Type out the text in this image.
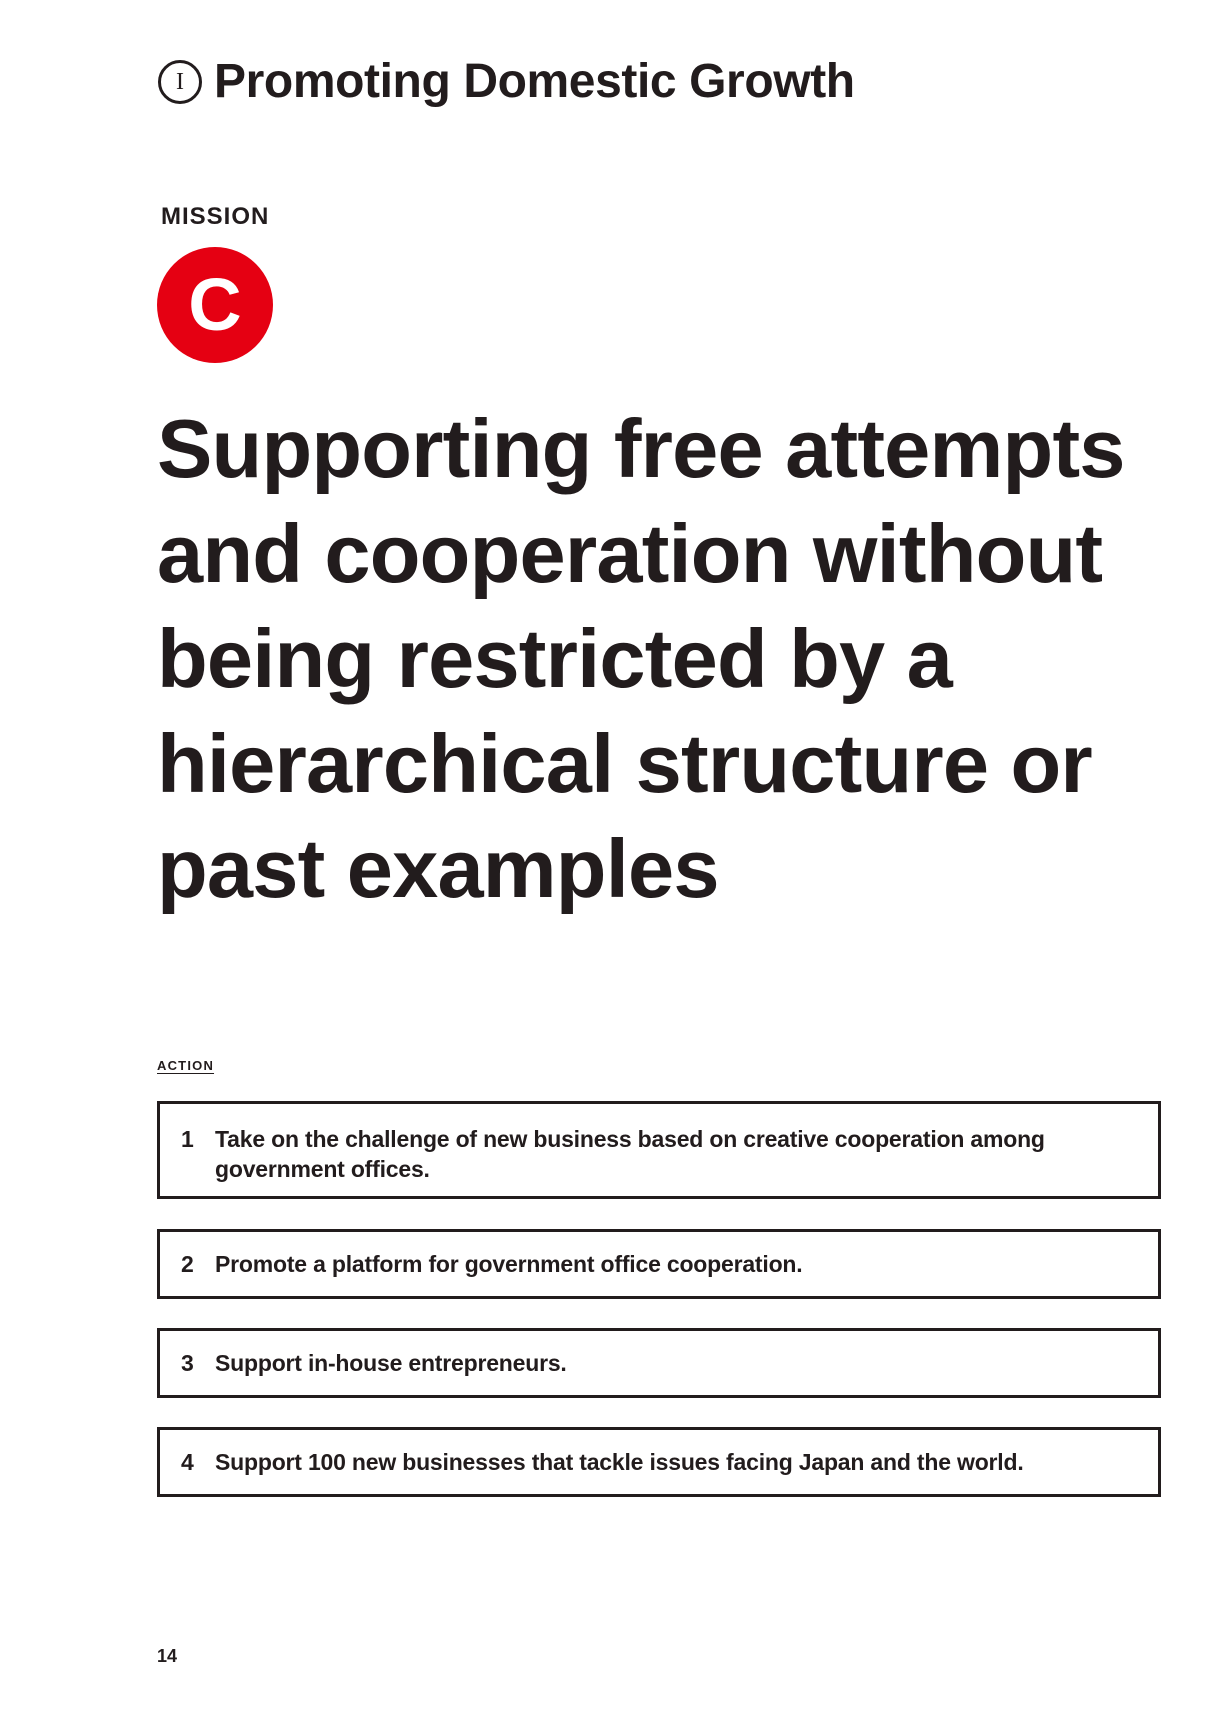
I Promoting Domestic Growth
MISSION
C
Supporting free attempts and cooperation without being restricted by a hierarchical structure or past examples
ACTION
1 Take on the challenge of new business based on creative cooperation among government offices.
2 Promote a platform for government office cooperation.
3 Support in-house entrepreneurs.
4 Support 100 new businesses that tackle issues facing Japan and the world.
14
